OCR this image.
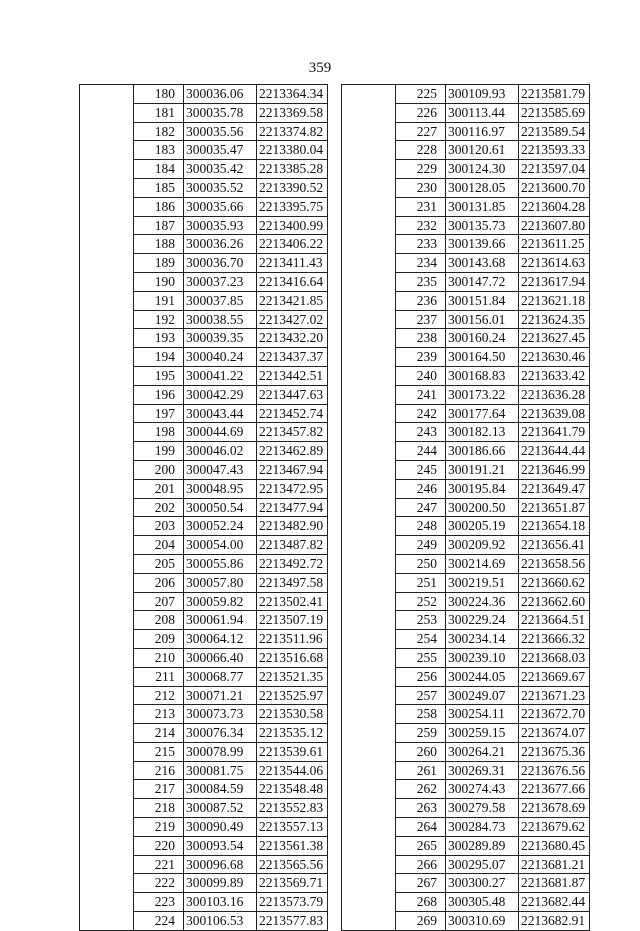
359
	180	300036.06	2213364.34
	181	300035.78	2213369.58
	182	300035.56	2213374.82
	183	300035.47	2213380.04
	184	300035.42	2213385.28
	185	300035.52	2213390.52
	186	300035.66	2213395.75
	187	300035.93	2213400.99
	188	300036.26	2213406.22
	189	300036.70	2213411.43
	190	300037.23	2213416.64
	191	300037.85	2213421.85
	192	300038.55	2213427.02
	193	300039.35	2213432.20
	194	300040.24	2213437.37
	195	300041.22	2213442.51
	196	300042.29	2213447.63
	197	300043.44	2213452.74
	198	300044.69	2213457.82
	199	300046.02	2213462.89
	200	300047.43	2213467.94
	201	300048.95	2213472.95
	202	300050.54	2213477.94
	203	300052.24	2213482.90
	204	300054.00	2213487.82
	205	300055.86	2213492.72
	206	300057.80	2213497.58
	207	300059.82	2213502.41
	208	300061.94	2213507.19
	209	300064.12	2213511.96
	210	300066.40	2213516.68
	211	300068.77	2213521.35
	212	300071.21	2213525.97
	213	300073.73	2213530.58
	214	300076.34	2213535.12
	215	300078.99	2213539.61
	216	300081.75	2213544.06
	217	300084.59	2213548.48
	218	300087.52	2213552.83
	219	300090.49	2213557.13
	220	300093.54	2213561.38
	221	300096.68	2213565.56
	222	300099.89	2213569.71
	223	300103.16	2213573.79
	224	300106.53	2213577.83
	225	300109.93	2213581.79
	226	300113.44	2213585.69
	227	300116.97	2213589.54
	228	300120.61	2213593.33
	229	300124.30	2213597.04
	230	300128.05	2213600.70
	231	300131.85	2213604.28
	232	300135.73	2213607.80
	233	300139.66	2213611.25
	234	300143.68	2213614.63
	235	300147.72	2213617.94
	236	300151.84	2213621.18
	237	300156.01	2213624.35
	238	300160.24	2213627.45
	239	300164.50	2213630.46
	240	300168.83	2213633.42
	241	300173.22	2213636.28
	242	300177.64	2213639.08
	243	300182.13	2213641.79
	244	300186.66	2213644.44
	245	300191.21	2213646.99
	246	300195.84	2213649.47
	247	300200.50	2213651.87
	248	300205.19	2213654.18
	249	300209.92	2213656.41
	250	300214.69	2213658.56
	251	300219.51	2213660.62
	252	300224.36	2213662.60
	253	300229.24	2213664.51
	254	300234.14	2213666.32
	255	300239.10	2213668.03
	256	300244.05	2213669.67
	257	300249.07	2213671.23
	258	300254.11	2213672.70
	259	300259.15	2213674.07
	260	300264.21	2213675.36
	261	300269.31	2213676.56
	262	300274.43	2213677.66
	263	300279.58	2213678.69
	264	300284.73	2213679.62
	265	300289.89	2213680.45
	266	300295.07	2213681.21
	267	300300.27	2213681.87
	268	300305.48	2213682.44
	269	300310.69	2213682.91
